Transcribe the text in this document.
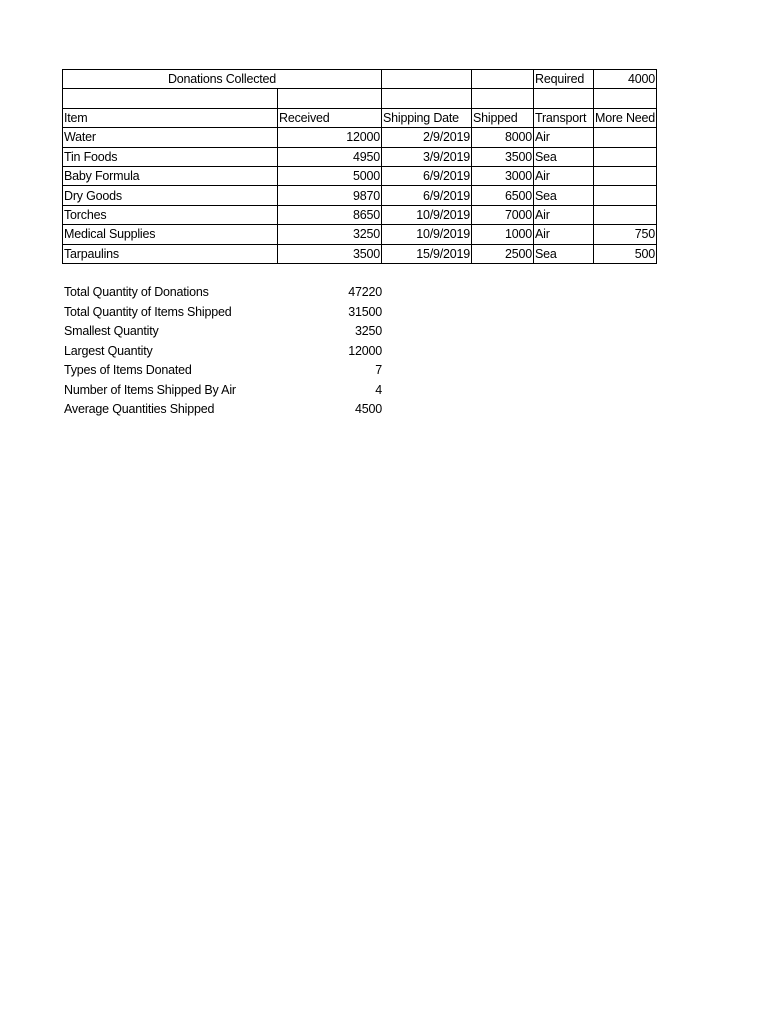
Donations Collected				Required	4000

Item	Received	Shipping Date	Shipped	Transport	More Need
Water	12000	2/9/2019	8000	Air	
Tin Foods	4950	3/9/2019	3500	Sea	
Baby Formula	5000	6/9/2019	3000	Air	
Dry Goods	9870	6/9/2019	6500	Sea	
Torches	8650	10/9/2019	7000	Air	
Medical Supplies	3250	10/9/2019	1000	Air	750
Tarpaulins	3500	15/9/2019	2500	Sea	500
Total Quantity of Donations	47220
Total Quantity of Items Shipped	31500
Smallest Quantity	3250
Largest Quantity	12000
Types of Items Donated	7
Number of Items Shipped By Air	4
Average Quantities Shipped	4500
